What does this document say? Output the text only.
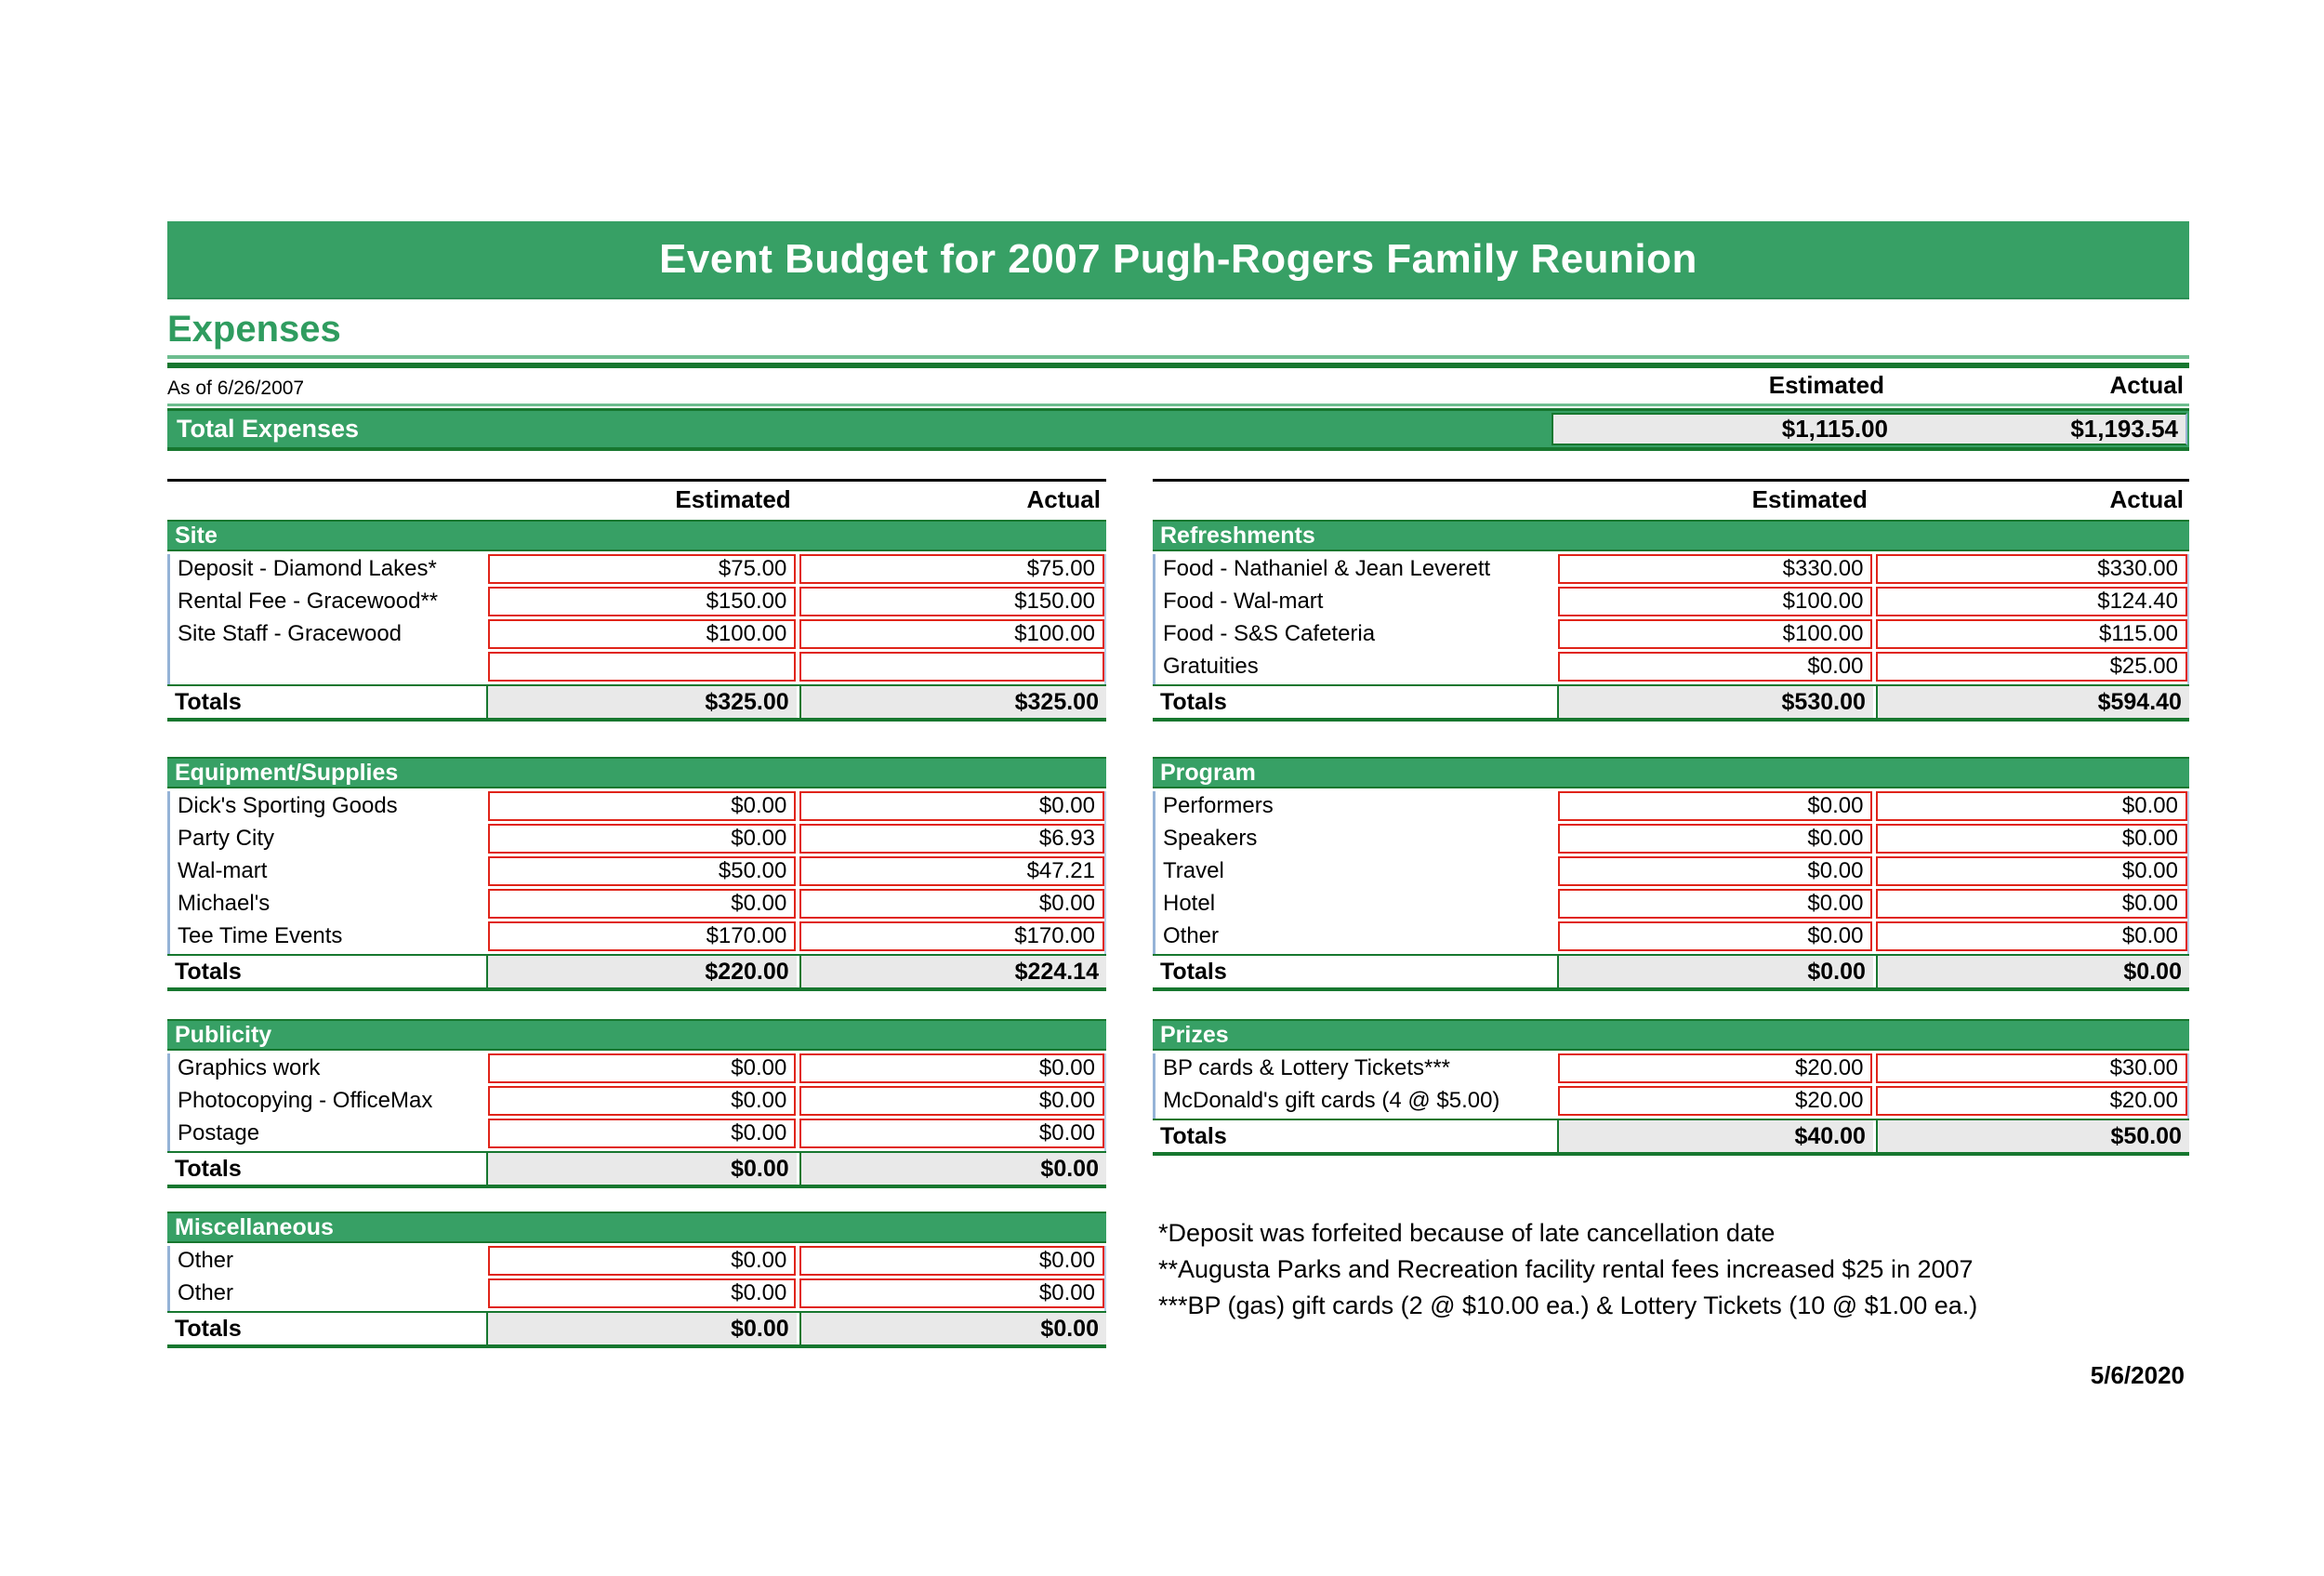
Event Budget for 2007 Pugh-Rogers Family Reunion
Expenses
As of 6/26/2007	Estimated	Actual
Total Expenses	$1,115.00	$1,193.54
Estimated	Actual
Site
Deposit - Diamond Lakes*	$75.00	$75.00
Rental Fee - Gracewood**	$150.00	$150.00
Site Staff - Gracewood	$100.00	$100.00
Totals	$325.00	$325.00
Equipment/Supplies
Dick's Sporting Goods	$0.00	$0.00
Party City	$0.00	$6.93
Wal-mart	$50.00	$47.21
Michael's	$0.00	$0.00
Tee Time Events	$170.00	$170.00
Totals	$220.00	$224.14
Publicity
Graphics work	$0.00	$0.00
Photocopying - OfficeMax	$0.00	$0.00
Postage	$0.00	$0.00
Totals	$0.00	$0.00
Miscellaneous
Other	$0.00	$0.00
Other	$0.00	$0.00
Totals	$0.00	$0.00
Estimated	Actual
Refreshments
Food - Nathaniel & Jean Leverett	$330.00	$330.00
Food - Wal-mart	$100.00	$124.40
Food - S&S Cafeteria	$100.00	$115.00
Gratuities	$0.00	$25.00
Totals	$530.00	$594.40
Program
Performers	$0.00	$0.00
Speakers	$0.00	$0.00
Travel	$0.00	$0.00
Hotel	$0.00	$0.00
Other	$0.00	$0.00
Totals	$0.00	$0.00
Prizes
BP cards & Lottery Tickets***	$20.00	$30.00
McDonald's gift cards (4 @ $5.00)	$20.00	$20.00
Totals	$40.00	$50.00
*Deposit was forfeited because of late cancellation date
**Augusta Parks and Recreation facility rental fees increased $25 in 2007
***BP (gas) gift cards (2 @ $10.00 ea.) & Lottery Tickets (10 @ $1.00 ea.)
5/6/2020
